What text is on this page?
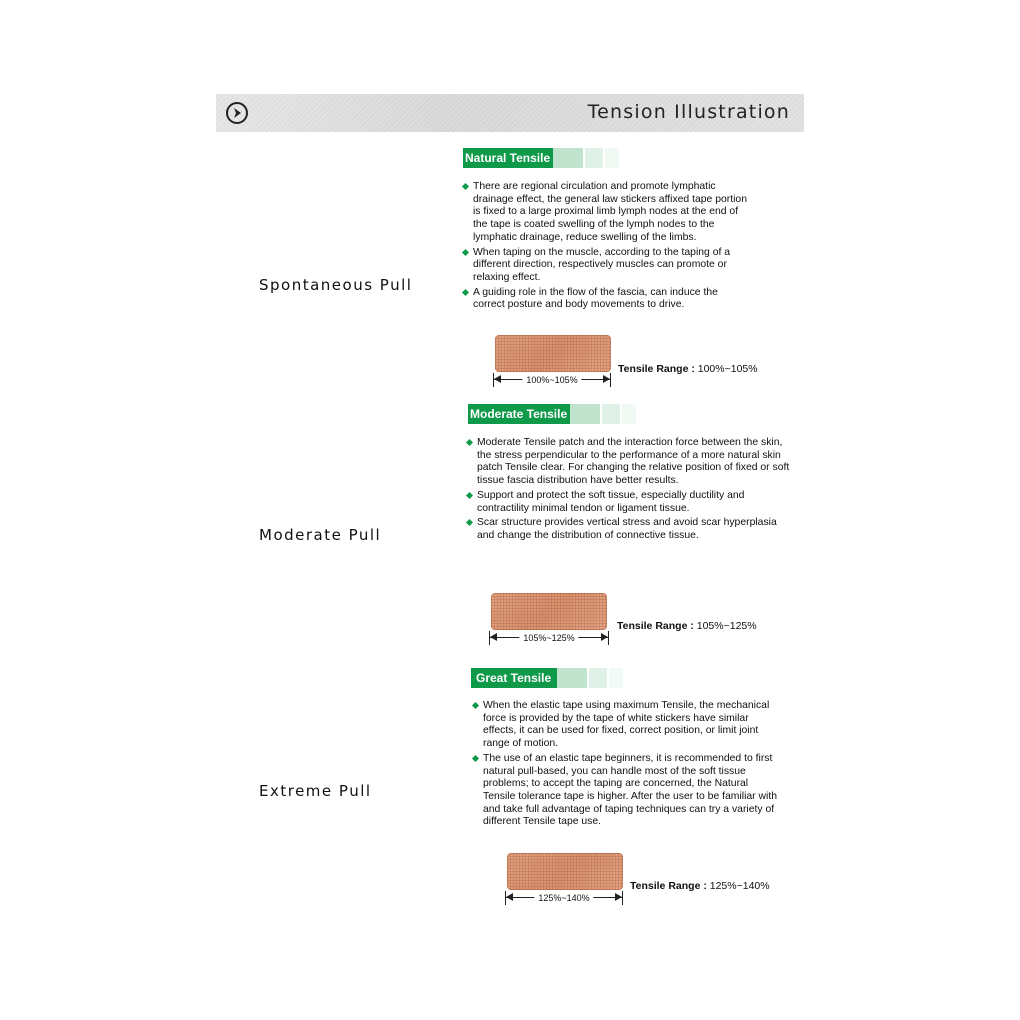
Tension Illustration
Spontaneous Pull
Natural Tensile
There are regional circulation and promote lymphatic drainage effect, the general law stickers affixed tape portion is fixed to a large proximal limb lymph nodes at the end of the tape is coated swelling of the lymph nodes to the lymphatic drainage, reduce swelling of the limbs.
When taping on the muscle, according to the taping of a different direction, respectively muscles can promote or relaxing effect.
A guiding role in the flow of the fascia, can induce the correct posture and body movements to drive.
100%~105%
Tensile Range : 100%~105%
Moderate Pull
Moderate Tensile
Moderate Tensile patch and the interaction force between the skin, the stress perpendicular to the performance of a more natural skin patch Tensile clear. For changing the relative position of fixed or soft tissue fascia distribution have better results.
Support and protect the soft tissue, especially ductility and contractility minimal tendon or ligament tissue.
Scar structure provides vertical stress and avoid scar hyperplasia and change the distribution of connective tissue.
105%~125%
Tensile Range : 105%~125%
Extreme Pull
Great Tensile
When the elastic tape using maximum Tensile, the mechanical force is provided by the tape of white stickers have similar effects, it can be used for fixed, correct position, or limit joint range of motion.
The use of an elastic tape beginners, it is recommended to first natural pull-based, you can handle most of the soft tissue problems; to accept the taping are concerned, the Natural Tensile tolerance tape is higher. After the user to be familiar with and take full advantage of taping techniques can try a variety of different Tensile tape use.
125%~140%
Tensile Range : 125%~140%
